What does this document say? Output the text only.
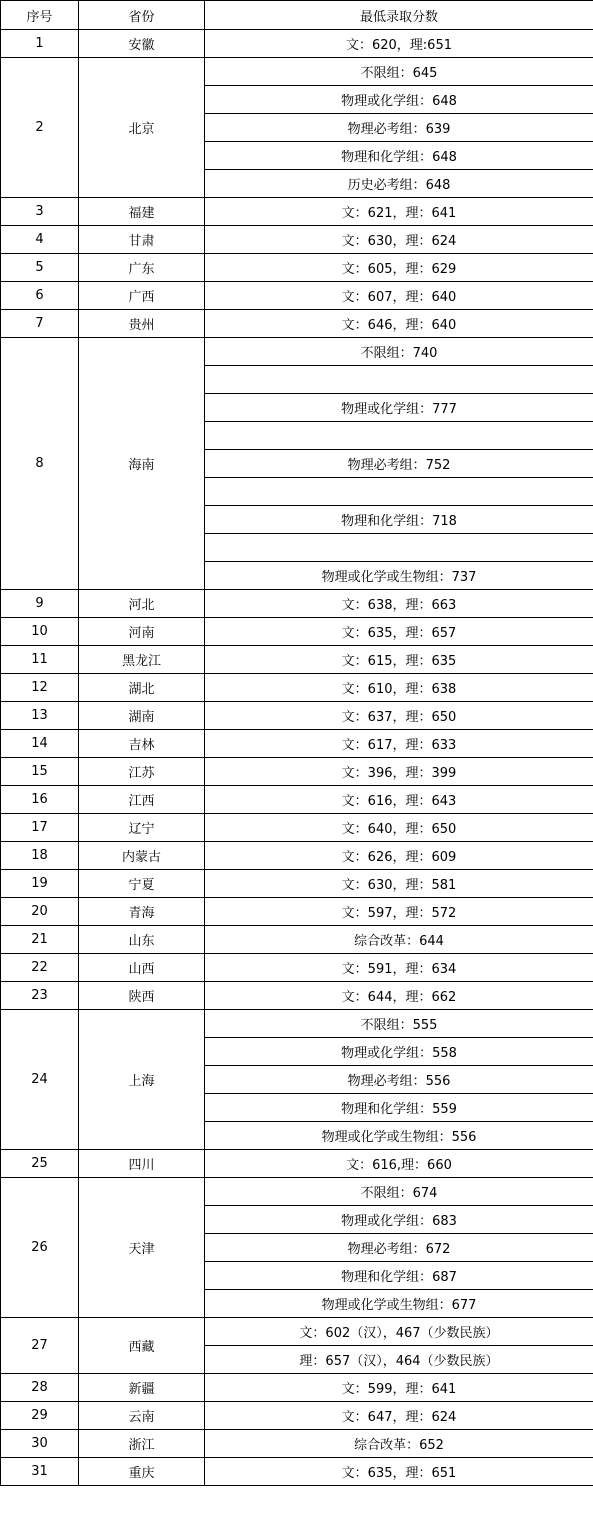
序号	省份	最低录取分数
1	安徽	文：620，理:651
2	北京	不限组：645
		物理或化学组：648
		物理必考组：639
		物理和化学组：648
		历史必考组：648
3	福建	文：621，理：641
4	甘肃	文：630，理：624
5	广东	文：605，理：629
6	广西	文：607，理：640
7	贵州	文：646，理：640
8	海南	不限组：740

		物理或化学组：777

		物理必考组：752

		物理和化学组：718

		物理或化学或生物组：737
9	河北	文：638，理：663
10	河南	文：635，理：657
11	黑龙江	文：615，理：635
12	湖北	文：610，理：638
13	湖南	文：637，理：650
14	吉林	文：617，理：633
15	江苏	文：396，理：399
16	江西	文：616，理：643
17	辽宁	文：640，理：650
18	内蒙古	文：626，理：609
19	宁夏	文：630，理：581
20	青海	文：597，理：572
21	山东	综合改革：644
22	山西	文：591，理：634
23	陕西	文：644，理：662
24	上海	不限组：555
		物理或化学组：558
		物理必考组：556
		物理和化学组：559
		物理或化学或生物组：556
25	四川	文：616,理：660
26	天津	不限组：674
		物理或化学组：683
		物理必考组：672
		物理和化学组：687
		物理或化学或生物组：677
27	西藏	文：602（汉），467（少数民族）
		理：657（汉），464（少数民族）
28	新疆	文：599，理：641
29	云南	文：647，理：624
30	浙江	综合改革：652
31	重庆	文：635，理：651
